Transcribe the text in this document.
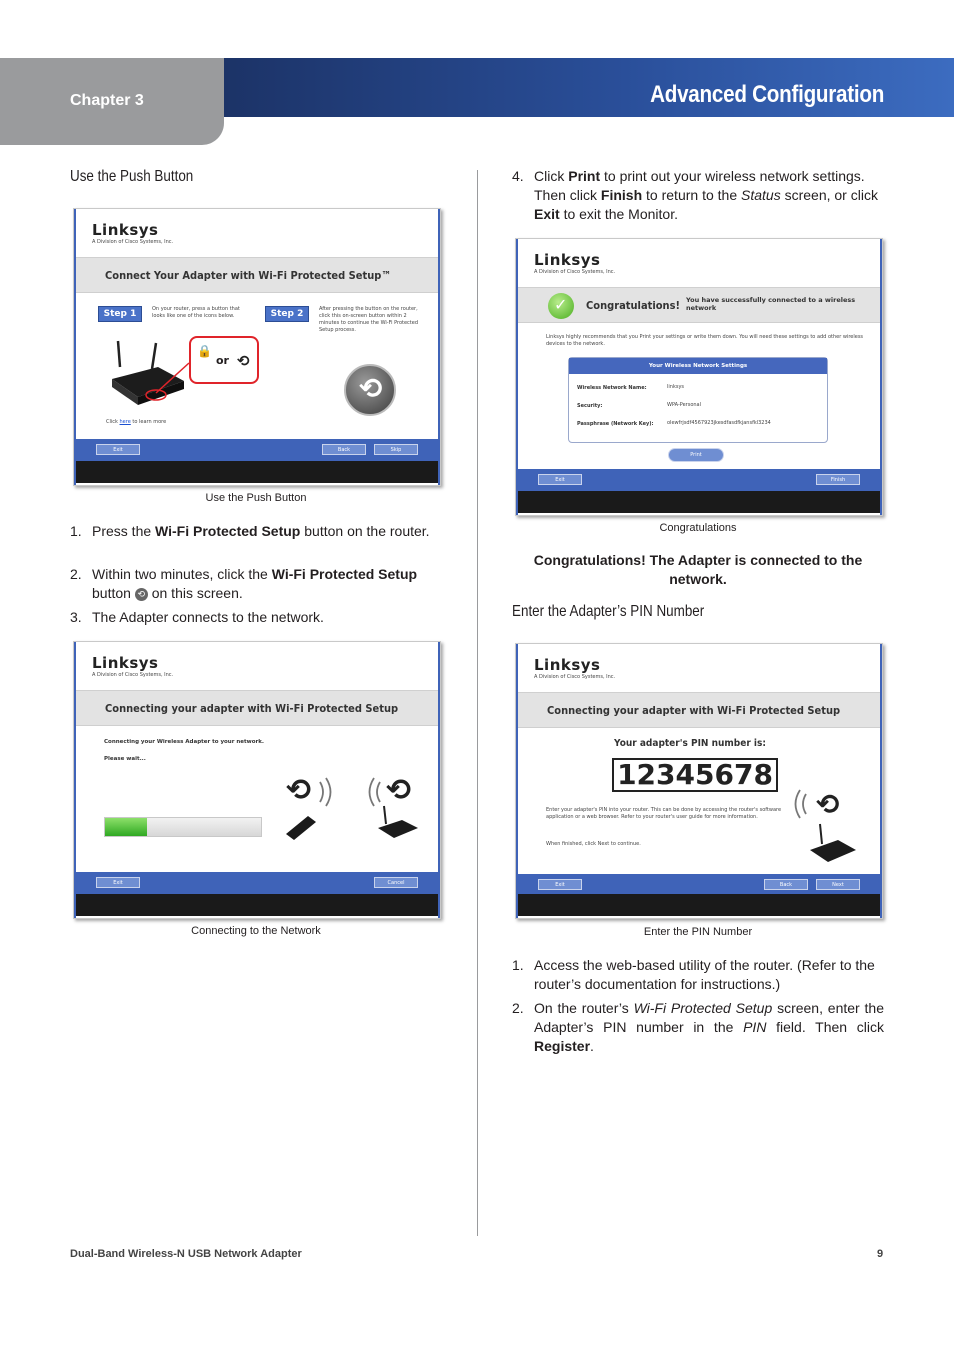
Chapter 3	Advanced Configuration
Use the Push Button
Linksys
A Division of Cisco Systems, Inc.
Connect Your Adapter with Wi-Fi Protected Setup™
Step 1	On your router, press a button that looks like one of the icons below.	Step 2	After pressing the button on the router, click this on-screen button within 2 minutes to continue the Wi-Fi Protected Setup process.
🔒
or ⟲
⟲
Click here to learn more
Exit	Back	Skip
Use the Push Button
1. Press the Wi-Fi Protected Setup button on the router.
2. Within two minutes, click the Wi-Fi Protected Setup
button ⟲ on this screen.
3. The Adapter connects to the network.
Linksys
A Division of Cisco Systems, Inc.
Connecting your adapter with Wi-Fi Protected Setup
Connecting your Wireless Adapter to your network.
Please wait...
⟲ ⟲
Exit	Cancel
Connecting to the Network
4. Click Print to print out your wireless network settings. Then click Finish to return to the Status screen, or click Exit to exit the Monitor.
Linksys
A Division of Cisco Systems, Inc.
✓ Congratulations! You have successfully connected to a wireless network
Linksys highly recommends that you Print your settings or write them down. You will need these settings to add other wireless devices to the network.
Your Wireless Network Settings
Wireless Network Name:	linksys
Security:	WPA-Personal
Passphrase (Network Key):	olewfrjsdf4567923jkesdfasdfkjansfkl3234
Print
Exit	Finish
Congratulations
Congratulations! The Adapter is connected to the network.
Enter the Adapter’s PIN Number
Linksys
A Division of Cisco Systems, Inc.
Connecting your adapter with Wi-Fi Protected Setup
Your adapter's PIN number is:
12345678
Enter your adapter's PIN into your router. This can be done by accessing the router's software application or a web browser. Refer to your router's user guide for more information.
When finished, click Next to continue.
⟲
Exit	Back	Next
Enter the PIN Number
1. Access the web-based utility of the router. (Refer to the router’s documentation for instructions.)
2. On the router’s Wi-Fi Protected Setup screen, enter the Adapter’s PIN number in the PIN field. Then click Register.
Dual-Band Wireless-N USB Network Adapter	9
